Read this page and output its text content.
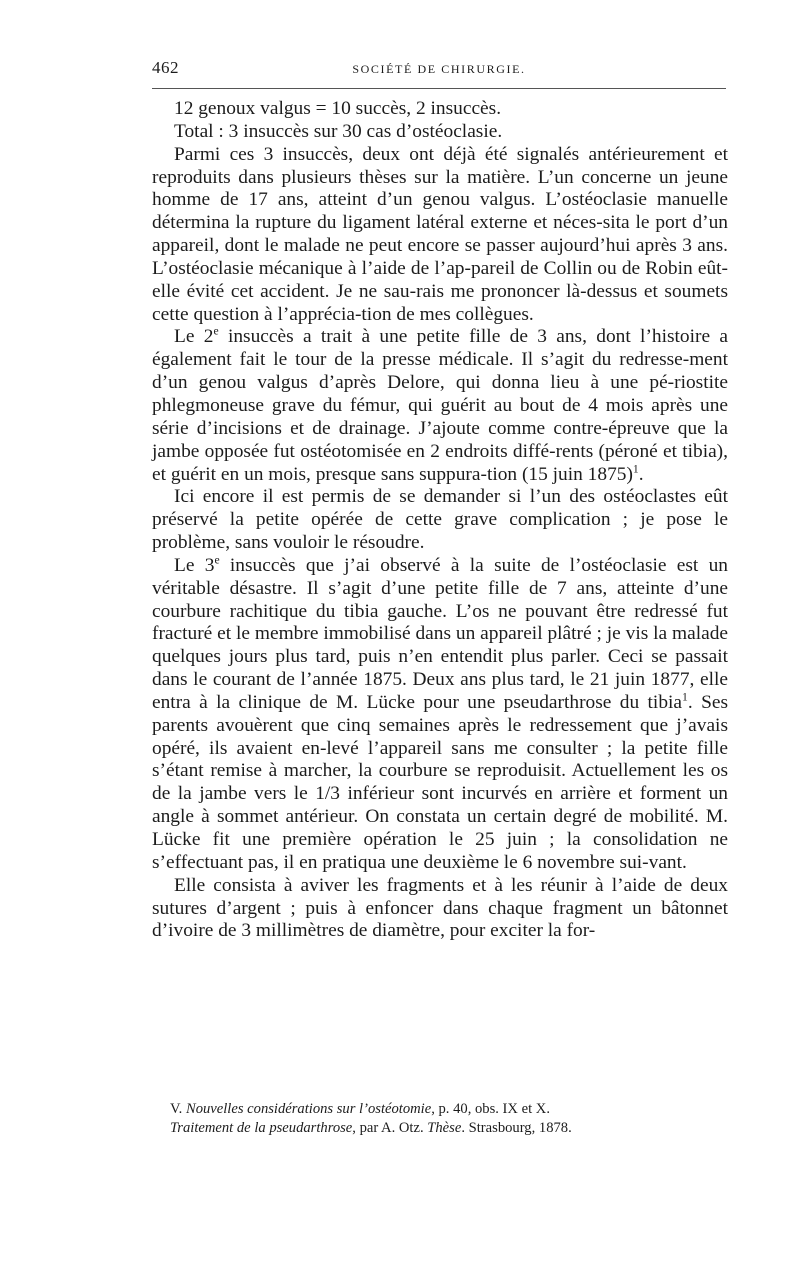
462	SOCIÉTÉ DE CHIRURGIE.

12 genoux valgus = 10 succès, 2 insuccès.

Total : 3 insuccès sur 30 cas d’ostéoclasie.

Parmi ces 3 insuccès, deux ont déjà été signalés antérieurement et reproduits dans plusieurs thèses sur la matière. L’un concerne un jeune homme de 17 ans, atteint d’un genou valgus. L’ostéoclasie manuelle détermina la rupture du ligament latéral externe et néces-sita le port d’un appareil, dont le malade ne peut encore se passer aujourd’hui après 3 ans. L’ostéoclasie mécanique à l’aide de l’ap-pareil de Collin ou de Robin eût-elle évité cet accident. Je ne sau-rais me prononcer là-dessus et soumets cette question à l’apprécia-tion de mes collègues.

Le 2e insuccès a trait à une petite fille de 3 ans, dont l’histoire a également fait le tour de la presse médicale. Il s’agit du redresse-ment d’un genou valgus d’après Delore, qui donna lieu à une pé-riostite phlegmoneuse grave du fémur, qui guérit au bout de 4 mois après une série d’incisions et de drainage. J’ajoute comme contre-épreuve que la jambe opposée fut ostéotomisée en 2 endroits diffé-rents (péroné et tibia), et guérit en un mois, presque sans suppura-tion (15 juin 1875)$^1$.

Ici encore il est permis de se demander si l’un des ostéoclastes eût préservé la petite opérée de cette grave complication ; je pose le problème, sans vouloir le résoudre.

Le 3e insuccès que j’ai observé à la suite de l’ostéoclasie est un véritable désastre. Il s’agit d’une petite fille de 7 ans, atteinte d’une courbure rachitique du tibia gauche. L’os ne pouvant être redressé fut fracturé et le membre immobilisé dans un appareil plâtré ; je vis la malade quelques jours plus tard, puis n’en entendit plus parler. Ceci se passait dans le courant de l’année 1875. Deux ans plus tard, le 21 juin 1877, elle entra à la clinique de M. Lücke pour une pseudarthrose du tibia$^1$. Ses parents avouèrent que cinq semaines après le redressement que j’avais opéré, ils avaient en-levé l’appareil sans me consulter ; la petite fille s’étant remise à marcher, la courbure se reproduisit. Actuellement les os de la jambe vers le 1/3 inférieur sont incurvés en arrière et forment un angle à sommet antérieur. On constata un certain degré de mobilité. M. Lücke fit une première opération le 25 juin ; la consolidation ne s’effectuant pas, il en pratiqua une deuxième le 6 novembre sui-vant.

Elle consista à aviver les fragments et à les réunir à l’aide de deux sutures d’argent ; puis à enfoncer dans chaque fragment un bâtonnet d’ivoire de 3 millimètres de diamètre, pour exciter la for-

V. Nouvelles considérations sur l’ostéotomie, p. 40, obs. IX et X.

Traitement de la pseudarthrose, par A. Otz. Thèse. Strasbourg, 1878.
